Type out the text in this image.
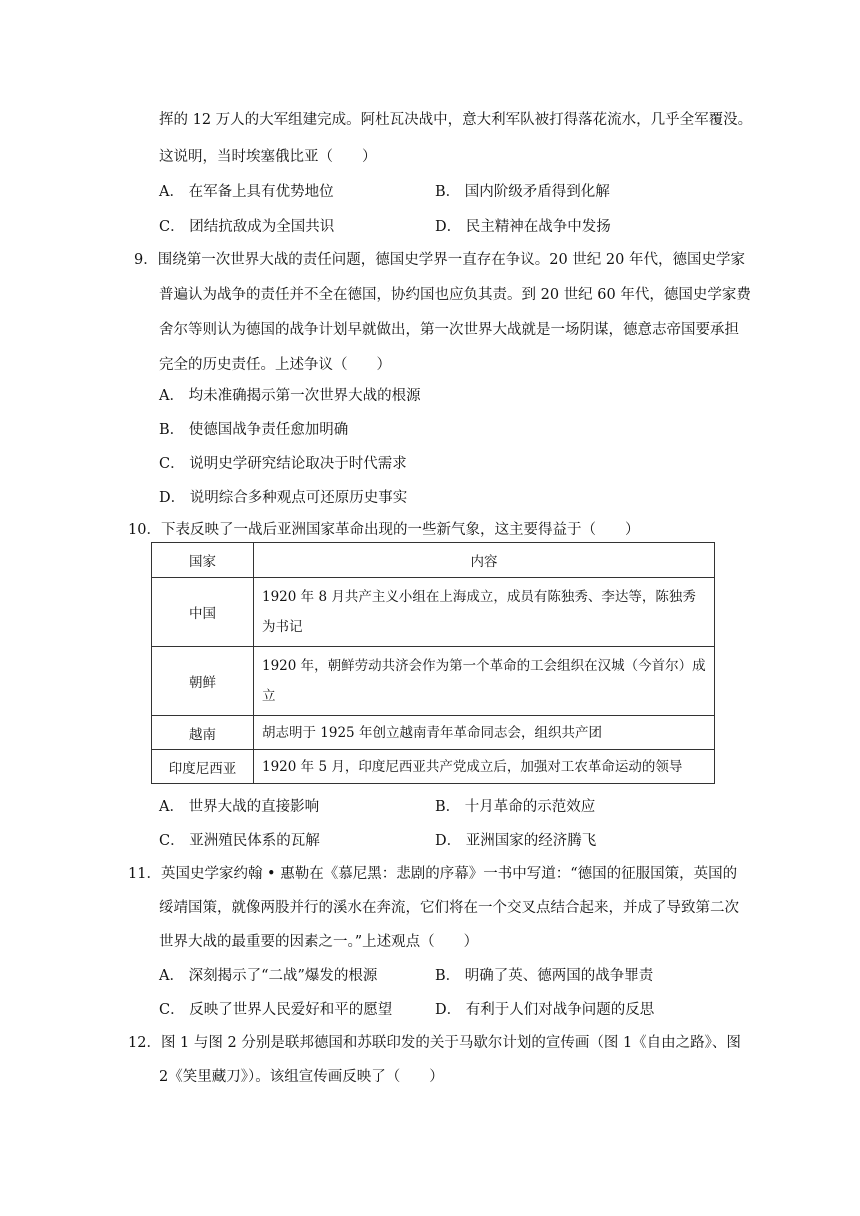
挥的 12 万人的大军组建完成。阿杜瓦决战中，意大利军队被打得落花流水，几乎全军覆没。
这说明，当时埃塞俄比亚（　　）
A． 在军备上具有优势地位	B． 国内阶级矛盾得到化解
C． 团结抗敌成为全国共识	D． 民主精神在战争中发扬
9．围绕第一次世界大战的责任问题，德国史学界一直存在争议。20 世纪 20 年代，德国史学家
普遍认为战争的责任并不全在德国，协约国也应负其责。到 20 世纪 60 年代，德国史学家费
舍尔等则认为德国的战争计划早就做出，第一次世界大战就是一场阴谋，德意志帝国要承担
完全的历史责任。上述争议（　　）
A． 均未准确揭示第一次世界大战的根源
B． 使德国战争责任愈加明确
C． 说明史学研究结论取决于时代需求
D． 说明综合多种观点可还原历史事实
10．下表反映了一战后亚洲国家革命出现的一些新气象，这主要得益于（　　）
国家	内容
中国	1920 年 8 月共产主义小组在上海成立，成员有陈独秀、李达等，陈独秀为书记
朝鲜	1920 年，朝鲜劳动共济会作为第一个革命的工会组织在汉城（今首尔）成立
越南	胡志明于 1925 年创立越南青年革命同志会，组织共产团
印度尼西亚	1920 年 5 月，印度尼西亚共产党成立后，加强对工农革命运动的领导
A． 世界大战的直接影响	B． 十月革命的示范效应
C． 亚洲殖民体系的瓦解	D． 亚洲国家的经济腾飞
11．英国史学家约翰 • 惠勒在《慕尼黑：悲剧的序幕》一书中写道：“德国的征服国策，英国的
绥靖国策，就像两股并行的溪水在奔流，它们将在一个交叉点结合起来，并成了导致第二次
世界大战的最重要的因素之一。”上述观点（　　）
A． 深刻揭示了“二战”爆发的根源	B． 明确了英、德两国的战争罪责
C． 反映了世界人民爱好和平的愿望	D． 有利于人们对战争问题的反思
12．图 1 与图 2 分别是联邦德国和苏联印发的关于马歇尔计划的宣传画（图 1《自由之路》、图
2《笑里藏刀》）。该组宣传画反映了（　　）
